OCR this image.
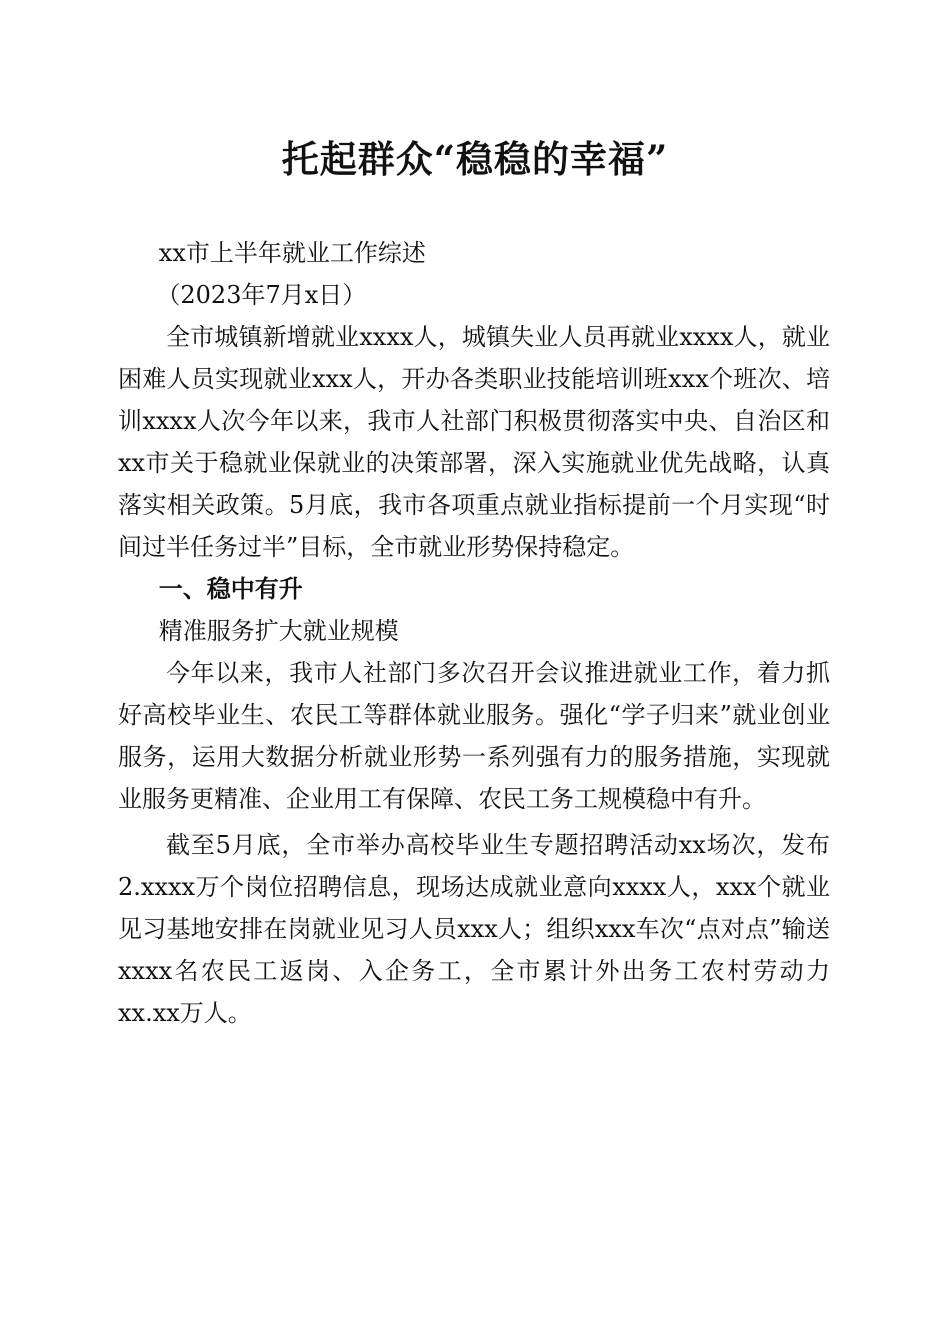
托起群众“稳稳的幸福”

xx市上半年就业工作综述

（2023年7月x日）

全市城镇新增就业xxxx人，城镇失业人员再就业xxxx人，就业困难人员实现就业xxx人，开办各类职业技能培训班xxx个班次、培训xxxx人次今年以来，我市人社部门积极贯彻落实中央、自治区和xx市关于稳就业保就业的决策部署，深入实施就业优先战略，认真落实相关政策。5月底，我市各项重点就业指标提前一个月实现“时间过半任务过半”目标，全市就业形势保持稳定。

一、稳中有升

精准服务扩大就业规模

今年以来，我市人社部门多次召开会议推进就业工作，着力抓好高校毕业生、农民工等群体就业服务。强化“学子归来”就业创业服务，运用大数据分析就业形势一系列强有力的服务措施，实现就业服务更精准、企业用工有保障、农民工务工规模稳中有升。

截至5月底，全市举办高校毕业生专题招聘活动xx场次，发布2.xxxx万个岗位招聘信息，现场达成就业意向xxxx人，xxx个就业见习基地安排在岗就业见习人员xxx人；组织xxx车次“点对点”输送xxxx名农民工返岗、入企务工，全市累计外出务工农村劳动力xx.xx万人。
